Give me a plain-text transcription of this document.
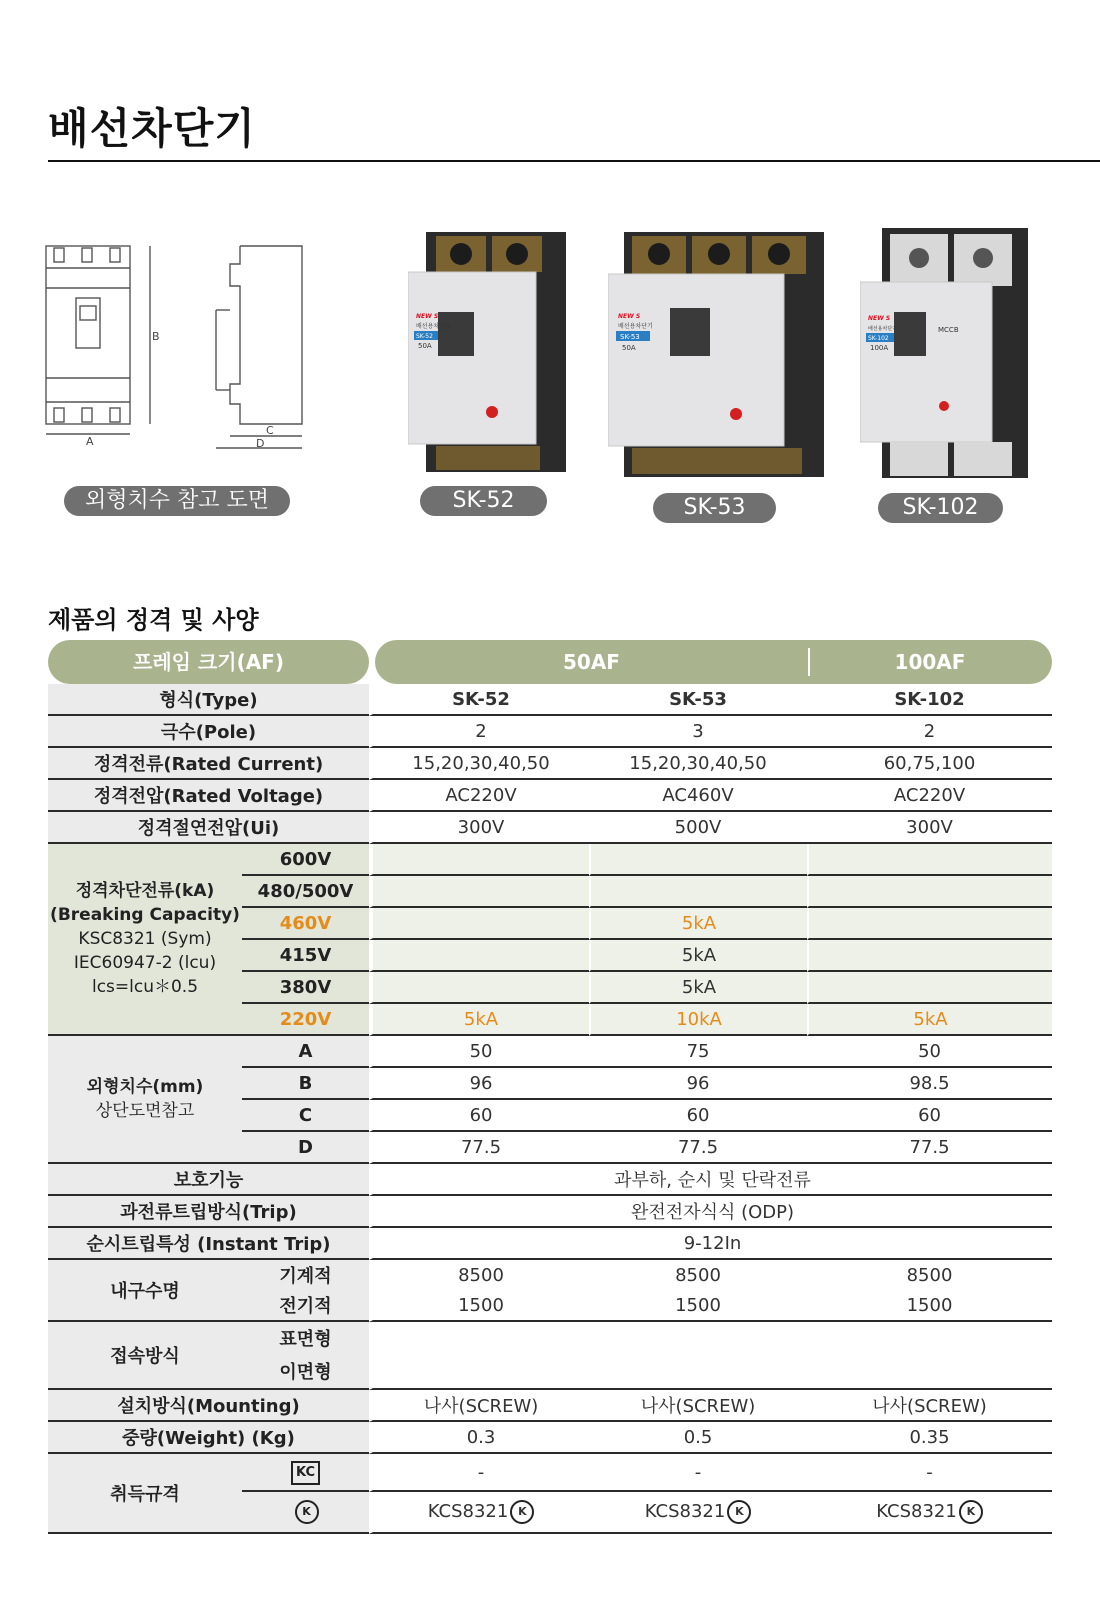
배선차단기
A
B
C
D
외형치수 참고 도면
NEW S
배선용차단기
SK-52
50A
SK-52
NEW S
배선용차단기
SK-53
50A
SK-53
MCCB
NEW S
배선용차단기
SK-102
100A
SK-102
제품의 정격 및 사양
프레임 크기(AF)	50AF	100AF
형식(Type)		SK-52	SK-53	SK-102
극수(Pole)		2	3	2
정격전류(Rated Current)		15,20,30,40,50	15,20,30,40,50	60,75,100
정격전압(Rated Voltage)		AC220V	AC460V	AC220V
정격절연전압(Ui)		300V	500V	300V

정격차단전류(kA)
(Breaking Capacity)
KSC8321 (Sym)
IEC60947-2 (lcu)
lcs=lcu＊0.5	600V			
	480/500V			
	460V		5kA	
	415V		5kA	
	380V		5kA	
	220V	5kA	10kA	5kA

외형치수(mm)
상단도면참고	A	50	75	50
	B	96	96	98.5
	C	60	60	60
	D	77.5	77.5	77.5
보호기능		과부하, 순시 및 단락전류		
과전류트립방식(Trip)		완전전자식식 (ODP)		
순시트립특성 (Instant Trip)		9-12In		
내구수명	기계적	8500	8500	8500
	전기적	1500	1500	1500
접속방식	표면형			
	이면형			
설치방식(Mounting)		나사(SCREW)	나사(SCREW)	나사(SCREW)
중량(Weight) (Kg)		0.3	0.5	0.35
취득규격	KC	-	-	-
	K	KCS8321 K	KCS8321 K	KCS8321 K
